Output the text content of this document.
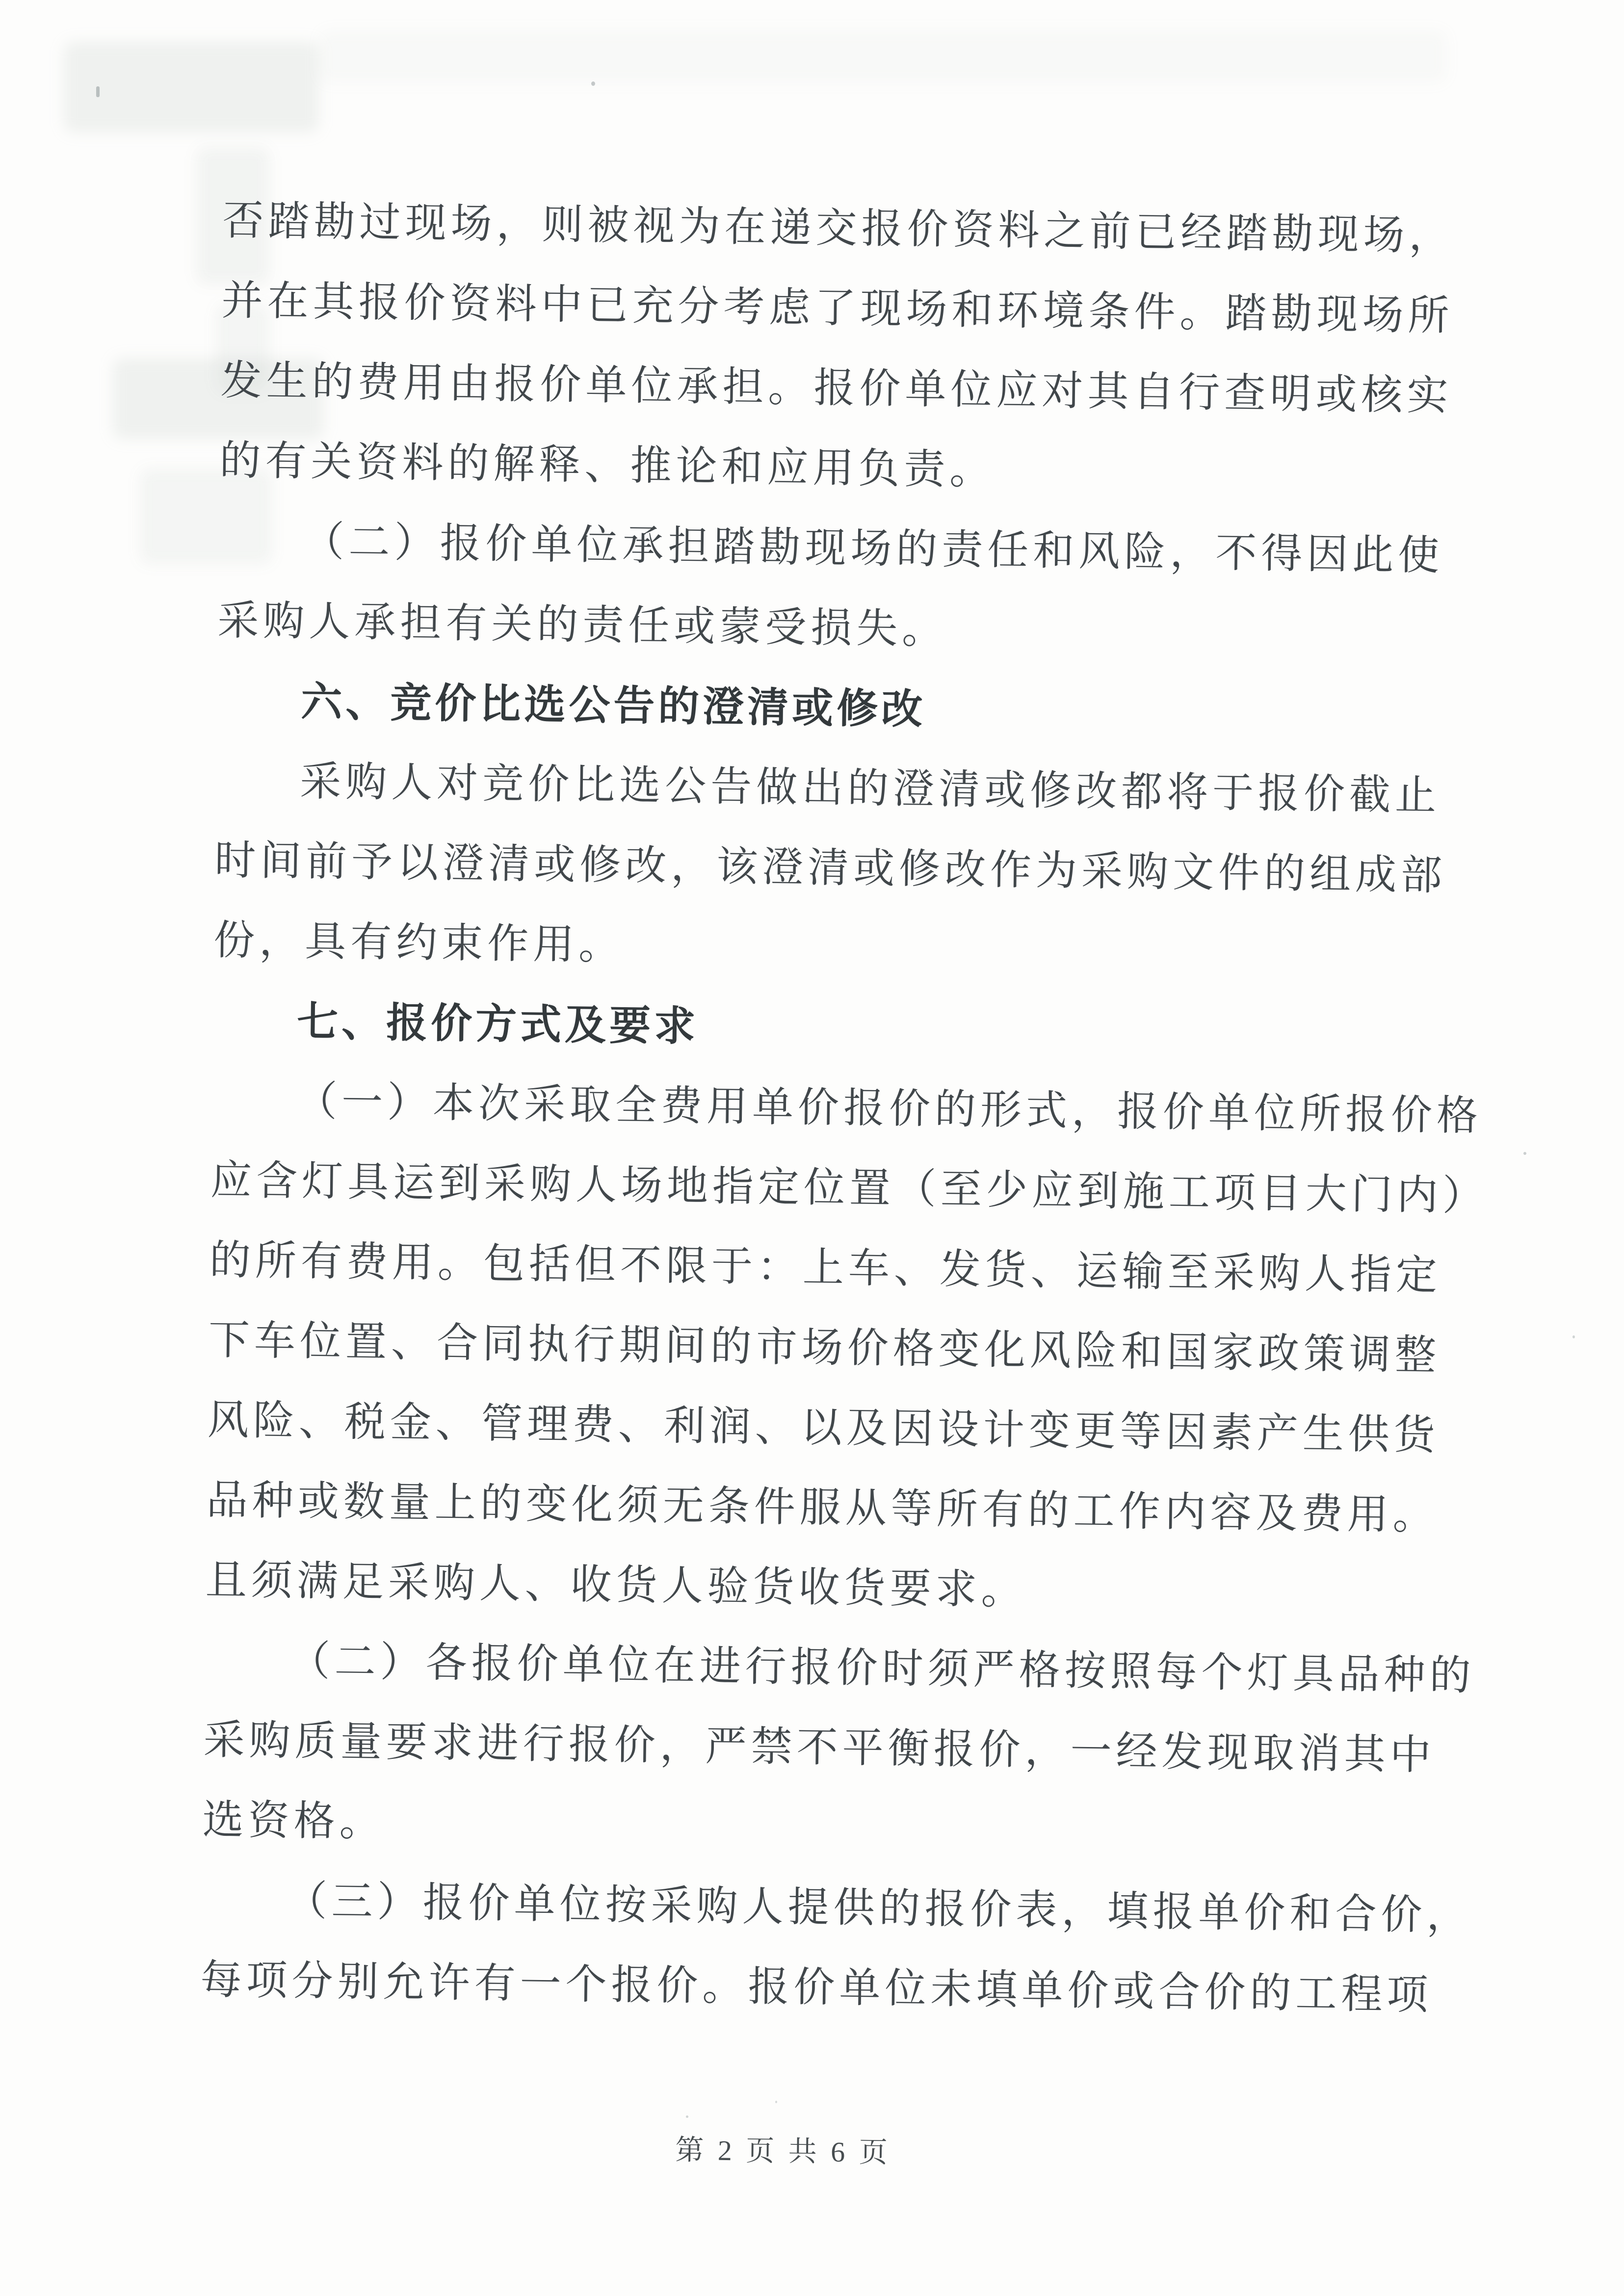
否踏勘过现场，则被视为在递交报价资料之前已经踏勘现场，
并在其报价资料中已充分考虑了现场和环境条件。踏勘现场所
发生的费用由报价单位承担。报价单位应对其自行查明或核实
的有关资料的解释、推论和应用负责。
（二）报价单位承担踏勘现场的责任和风险，不得因此使
采购人承担有关的责任或蒙受损失。
六、竞价比选公告的澄清或修改
采购人对竞价比选公告做出的澄清或修改都将于报价截止
时间前予以澄清或修改，该澄清或修改作为采购文件的组成部
份，具有约束作用。
七、报价方式及要求
（一）本次采取全费用单价报价的形式，报价单位所报价格
应含灯具运到采购人场地指定位置（至少应到施工项目大门内）
的所有费用。包括但不限于：上车、发货、运输至采购人指定
下车位置、合同执行期间的市场价格变化风险和国家政策调整
风险、税金、管理费、利润、以及因设计变更等因素产生供货
品种或数量上的变化须无条件服从等所有的工作内容及费用。
且须满足采购人、收货人验货收货要求。
（二）各报价单位在进行报价时须严格按照每个灯具品种的
采购质量要求进行报价，严禁不平衡报价，一经发现取消其中
选资格。
（三）报价单位按采购人提供的报价表，填报单价和合价，
每项分别允许有一个报价。报价单位未填单价或合价的工程项
第 2 页 共 6 页
